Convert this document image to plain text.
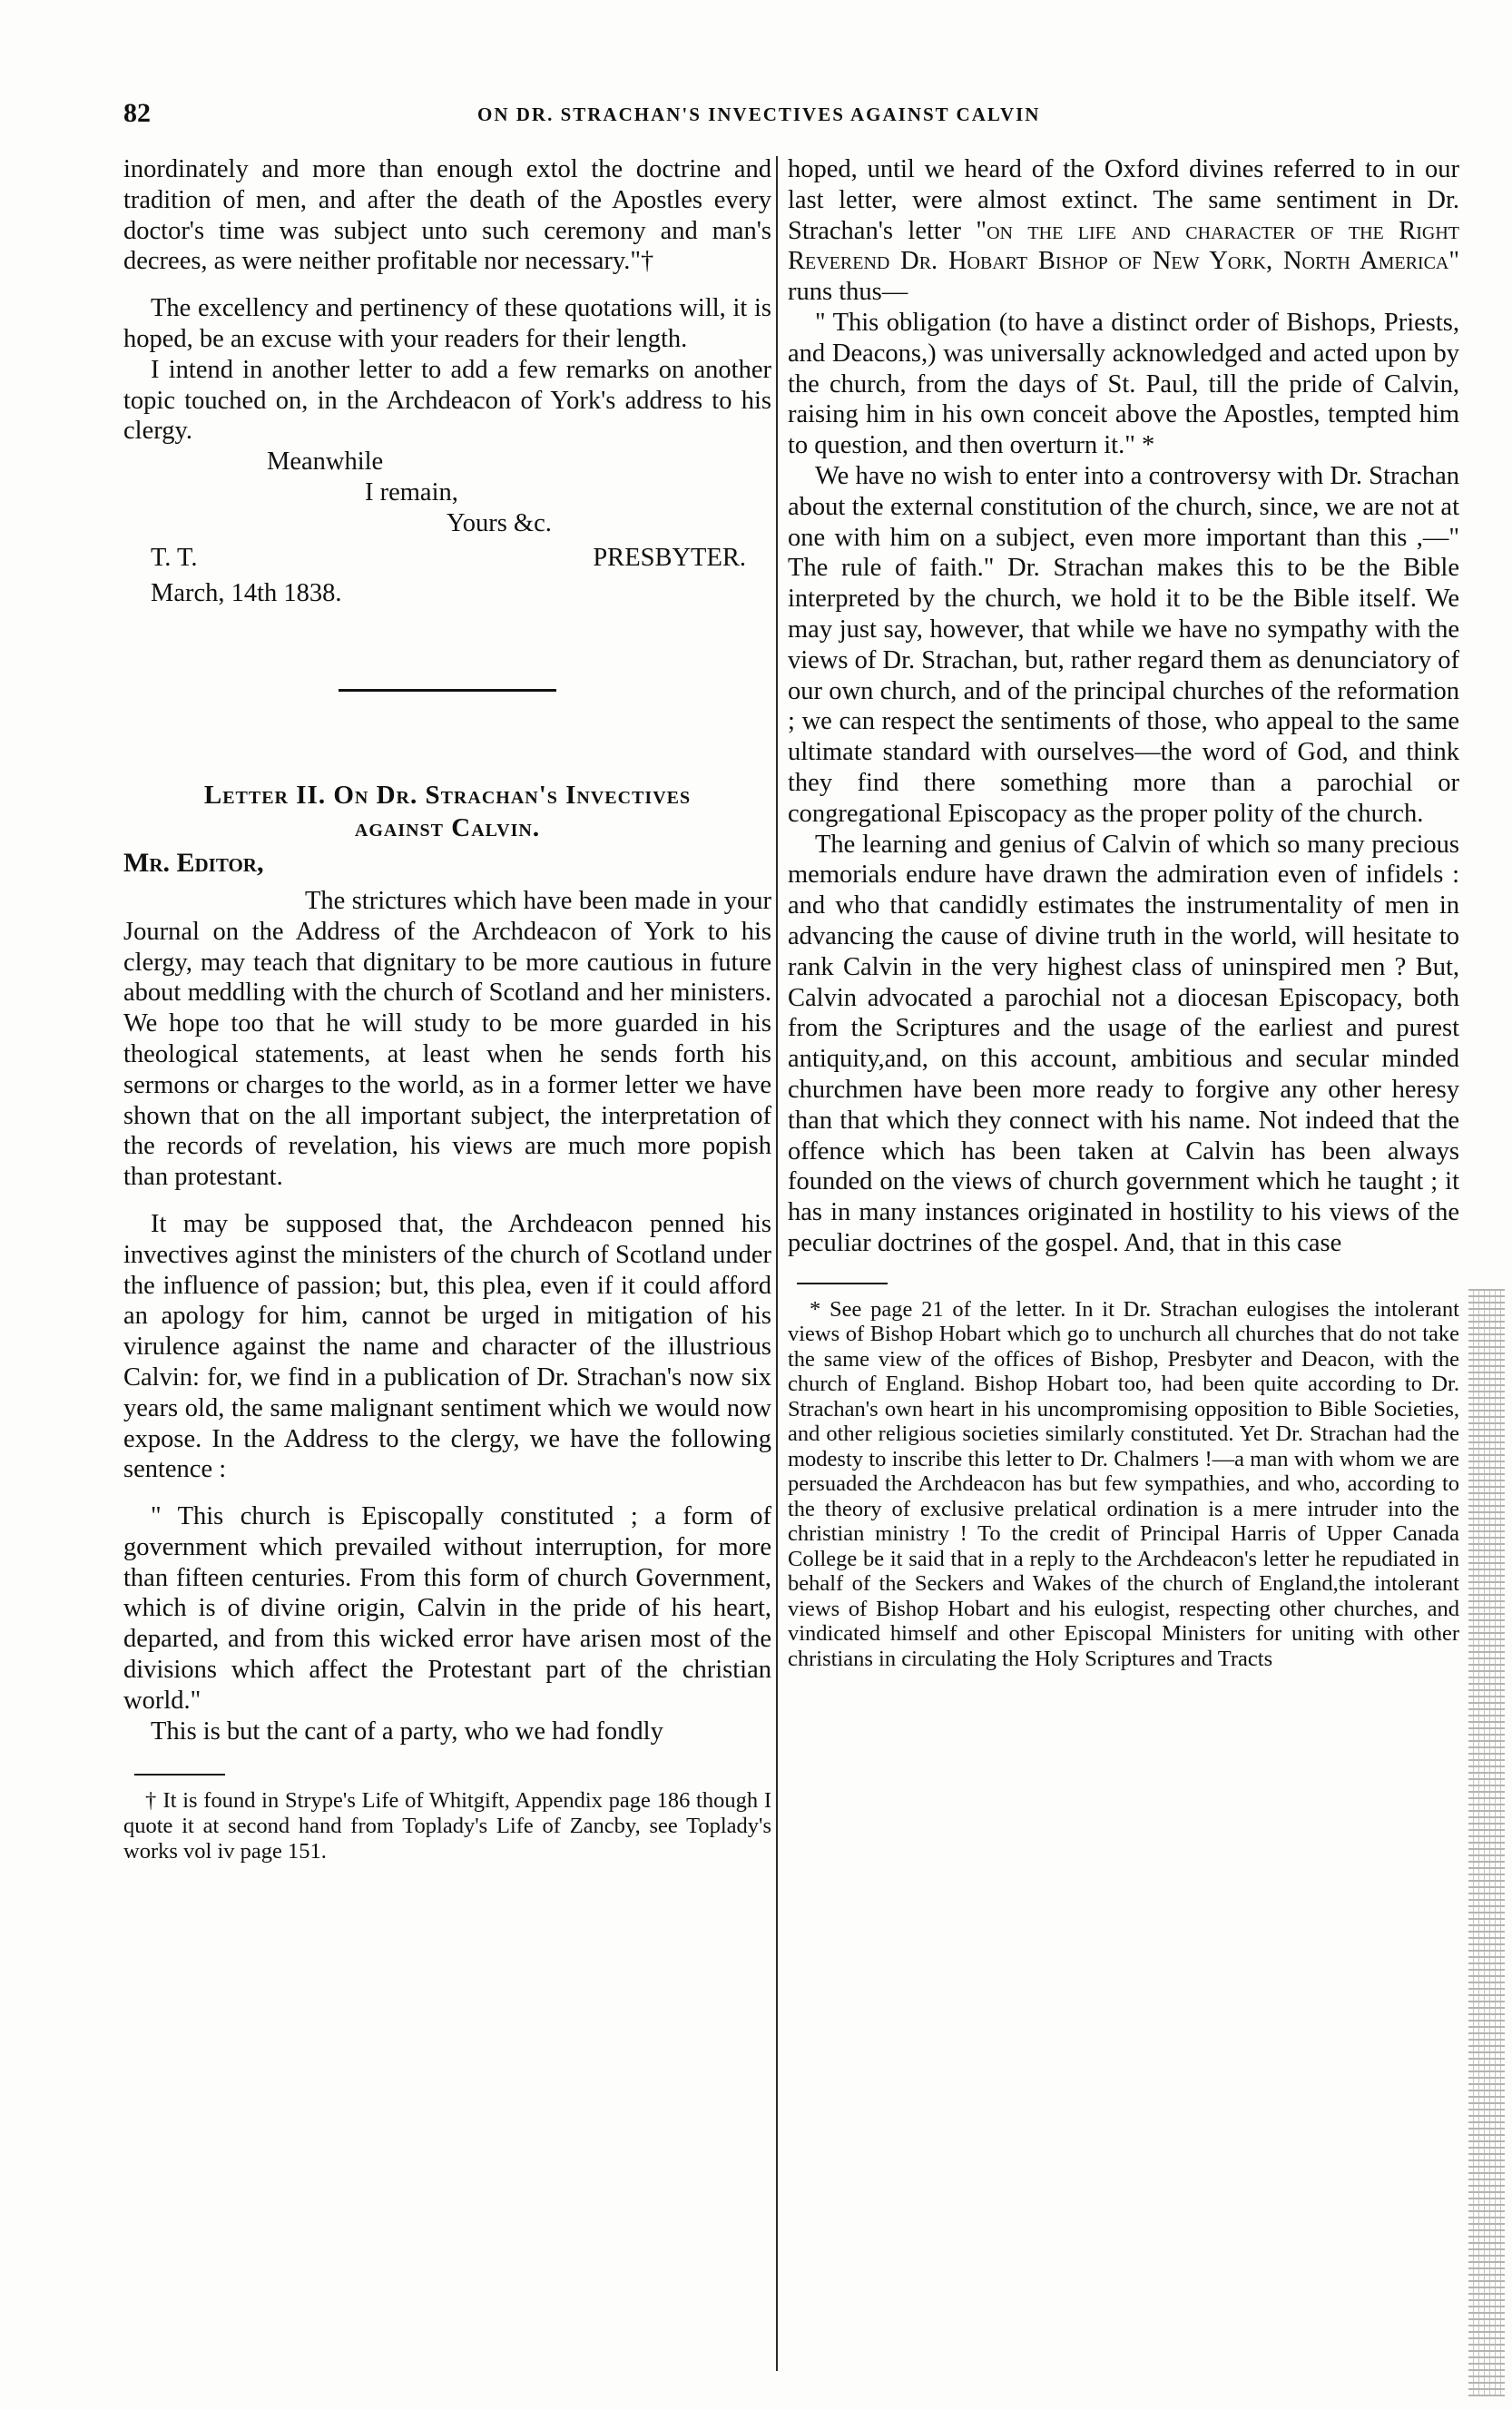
82	ON DR. STRACHAN'S INVECTIVES AGAINST CALVIN

inordinately and more than enough extol the doctrine and tradition of men, and after the death of the Apostles every doctor's time was subject unto such ceremony and man's decrees, as were neither profitable nor necessary."†

The excellency and pertinency of these quotations will, it is hoped, be an excuse with your readers for their length.

I intend in another letter to add a few remarks on another topic touched on, in the Archdeacon of York's address to his clergy.

Meanwhile
I remain,
Yours &c.
T. T.	PRESBYTER.
March, 14th 1838.

Letter II. On Dr. Strachan's Invectives
against Calvin.

Mr. Editor,

The strictures which have been made in your Journal on the Address of the Archdeacon of York to his clergy, may teach that dignitary to be more cautious in future about meddling with the church of Scotland and her ministers. We hope too that he will study to be more guarded in his theological statements, at least when he sends forth his sermons or charges to the world, as in a former letter we have shown that on the all important subject, the interpretation of the records of revelation, his views are much more popish than protestant.

It may be supposed that, the Archdeacon penned his invectives aginst the ministers of the church of Scotland under the influence of passion; but, this plea, even if it could afford an apology for him, cannot be urged in mitigation of his virulence against the name and character of the illustrious Calvin: for, we find in a publication of Dr. Strachan's now six years old, the same malignant sentiment which we would now expose. In the Address to the clergy, we have the following sentence :

" This church is Episcopally constituted ; a form of government which prevailed without interruption, for more than fifteen centuries. From this form of church Government, which is of divine origin, Calvin in the pride of his heart, departed, and from this wicked error have arisen most of the divisions which affect the Protestant part of the christian world."

This is but the cant of a party, who we had fondly

† It is found in Strype's Life of Whitgift, Appendix page 186 though I quote it at second hand from Toplady's Life of Zancby, see Toplady's works vol iv page 151.

hoped, until we heard of the Oxford divines referred to in our last letter, were almost extinct. The same sentiment in Dr. Strachan's letter "on the life and character of the Right Reverend Dr. Hobart Bishop of New York, North America" runs thus—

" This obligation (to have a distinct order of Bishops, Priests, and Deacons,) was universally acknowledged and acted upon by the church, from the days of St. Paul, till the pride of Calvin, raising him in his own conceit above the Apostles, tempted him to question, and then overturn it." *

We have no wish to enter into a controversy with Dr. Strachan about the external constitution of the church, since, we are not at one with him on a subject, even more important than this ,—" The rule of faith." Dr. Strachan makes this to be the Bible interpreted by the church, we hold it to be the Bible itself. We may just say, however, that while we have no sympathy with the views of Dr. Strachan, but, rather regard them as denunciatory of our own church, and of the principal churches of the reformation ; we can respect the sentiments of those, who appeal to the same ultimate standard with ourselves—the word of God, and think they find there something more than a parochial or congregational Episcopacy as the proper polity of the church.

The learning and genius of Calvin of which so many precious memorials endure have drawn the admiration even of infidels : and who that candidly estimates the instrumentality of men in advancing the cause of divine truth in the world, will hesitate to rank Calvin in the very highest class of uninspired men ? But, Calvin advocated a parochial not a diocesan Episcopacy, both from the Scriptures and the usage of the earliest and purest antiquity,and, on this account, ambitious and secular minded churchmen have been more ready to forgive any other heresy than that which they connect with his name. Not indeed that the offence which has been taken at Calvin has been always founded on the views of church government which he taught ; it has in many instances originated in hostility to his views of the peculiar doctrines of the gospel. And, that in this case

* See page 21 of the letter. In it Dr. Strachan eulogises the intolerant views of Bishop Hobart which go to unchurch all churches that do not take the same view of the offices of Bishop, Presbyter and Deacon, with the church of England. Bishop Hobart too, had been quite according to Dr. Strachan's own heart in his uncompromising opposition to Bible Societies, and other religious societies similarly constituted. Yet Dr. Strachan had the modesty to inscribe this letter to Dr. Chalmers !—a man with whom we are persuaded the Archdeacon has but few sympathies, and who, according to the theory of exclusive prelatical ordination is a mere intruder into the christian ministry ! To the credit of Principal Harris of Upper Canada College be it said that in a reply to the Archdeacon's letter he repudiated in behalf of the Seckers and Wakes of the church of England,the intolerant views of Bishop Hobart and his eulogist, respecting other churches, and vindicated himself and other Episcopal Ministers for uniting with other christians in circulating the Holy Scriptures and Tracts
